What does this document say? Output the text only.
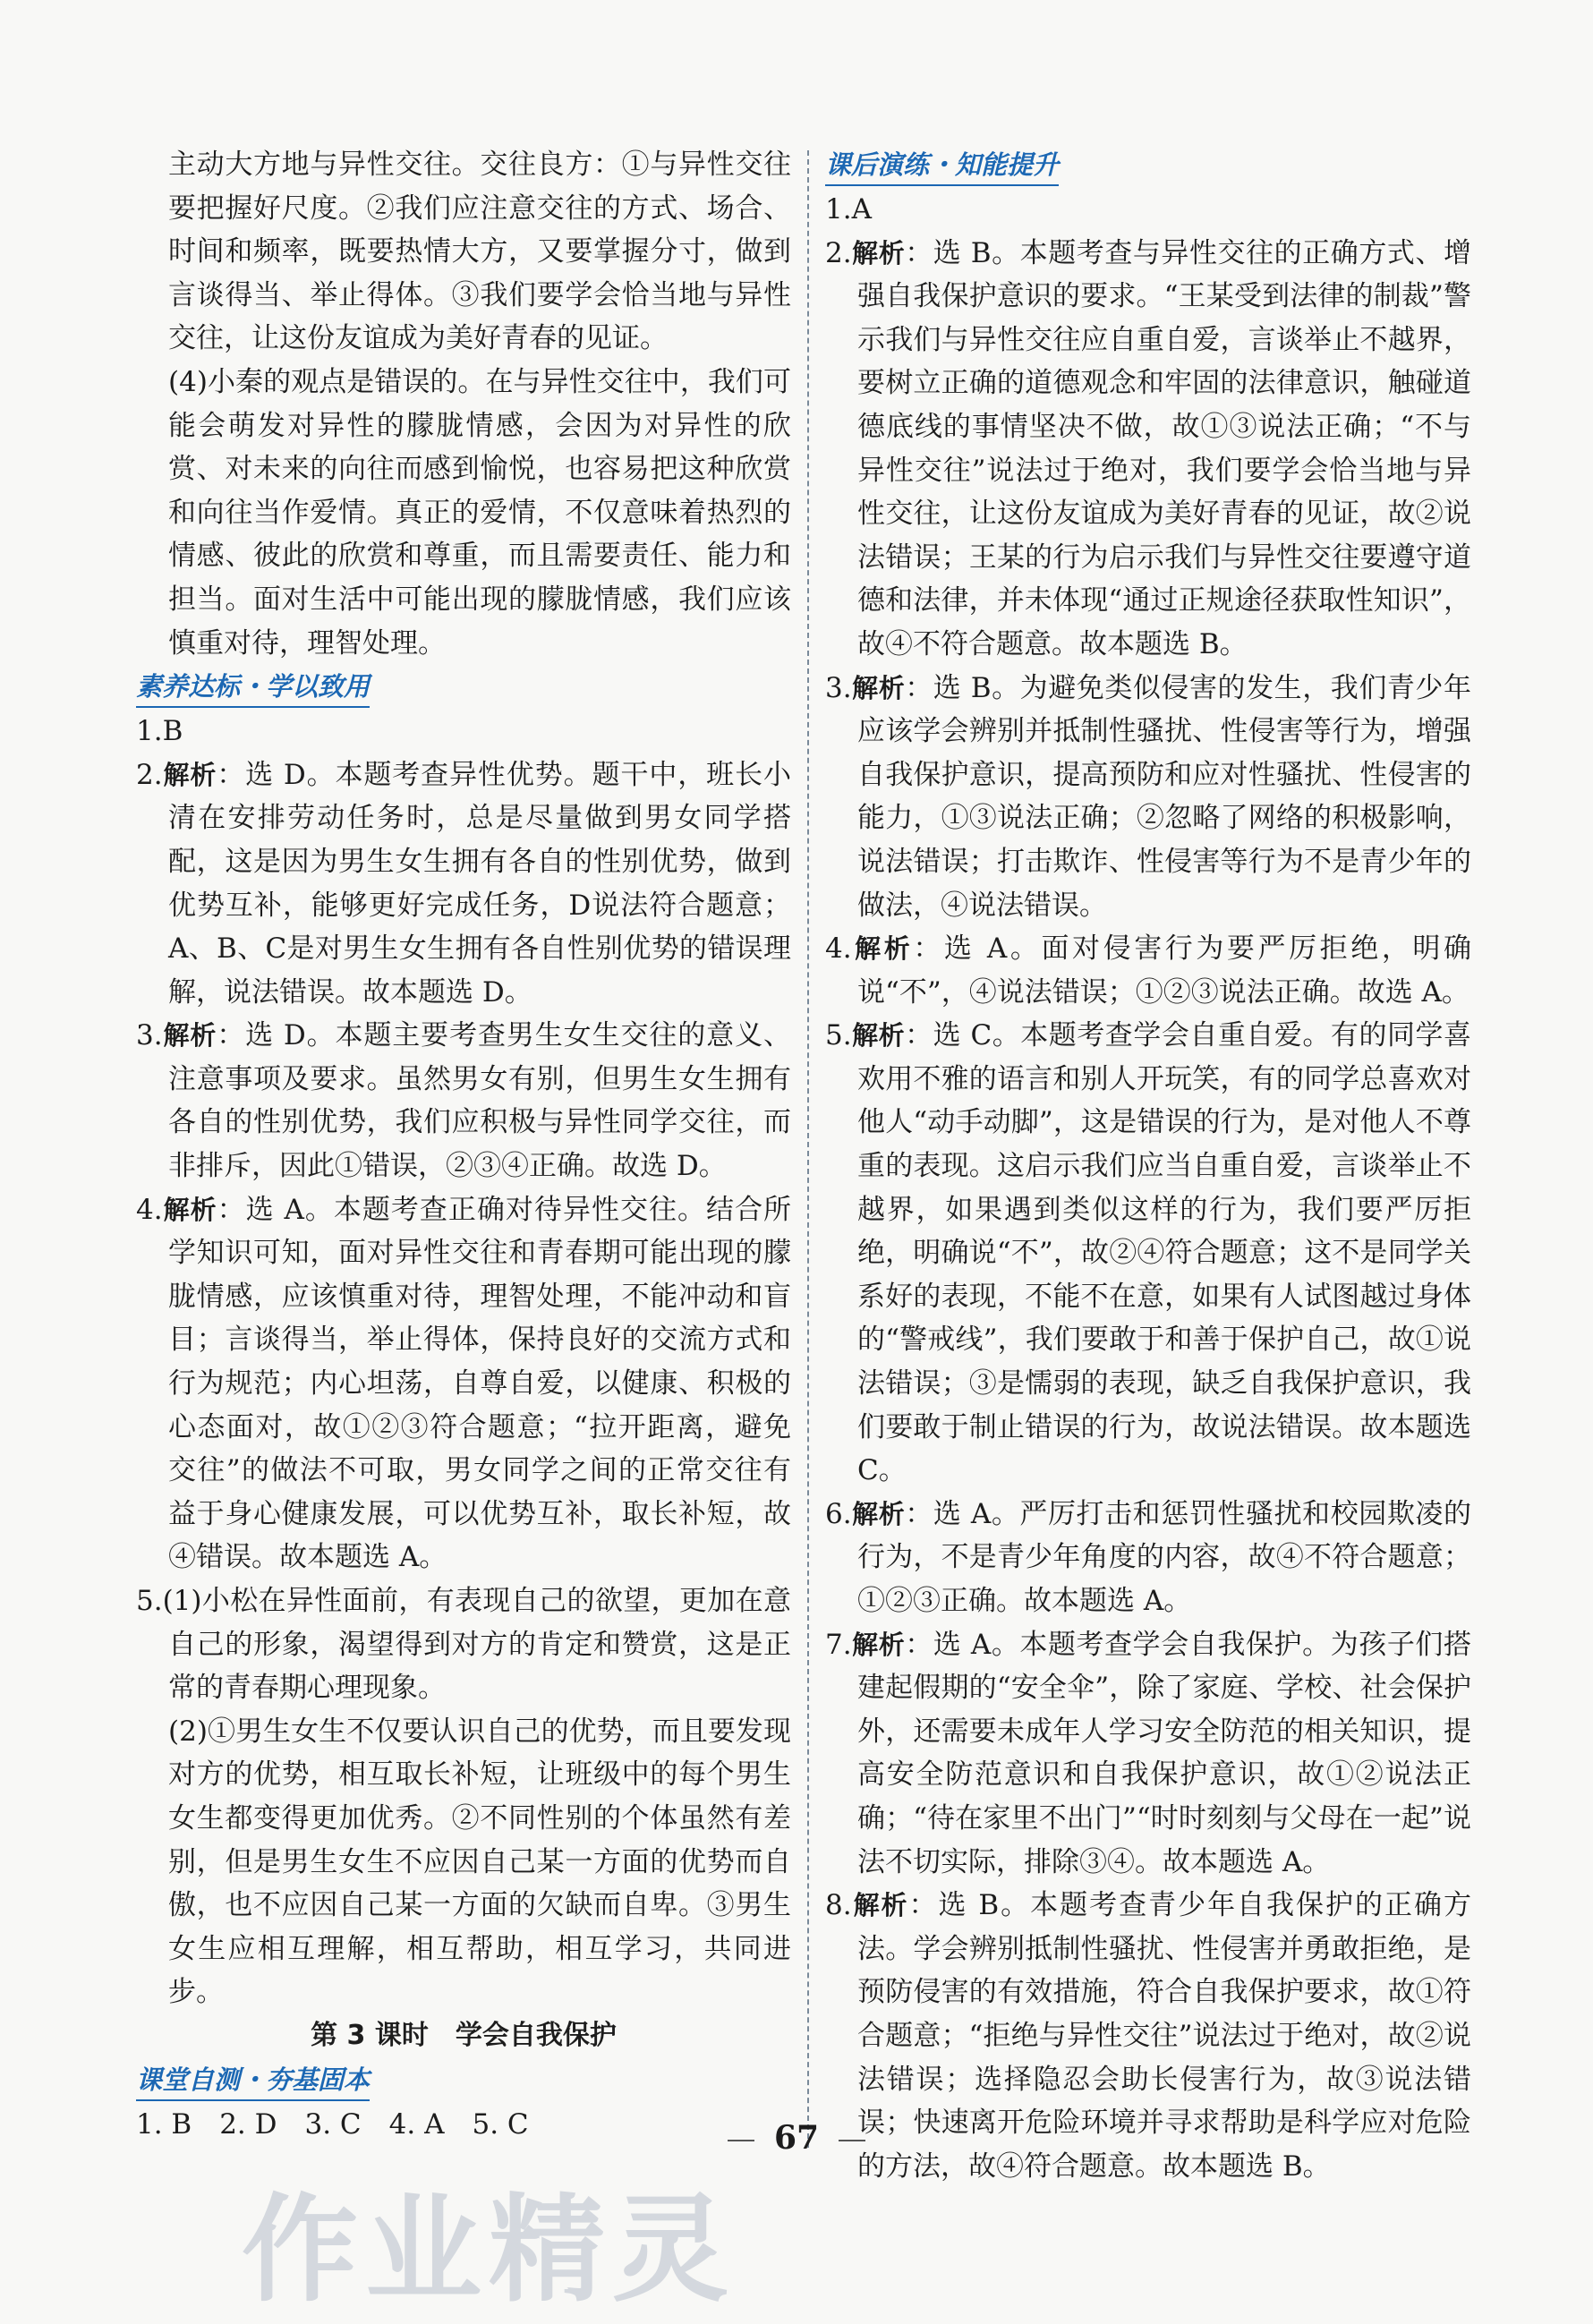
主动大方地与异性交往。交往良方：①与异性交往要把握好尺度。②我们应注意交往的方式、场合、时间和频率，既要热情大方，又要掌握分寸，做到言谈得当、举止得体。③我们要学会恰当地与异性交往，让这份友谊成为美好青春的见证。

(4)小秦的观点是错误的。在与异性交往中，我们可能会萌发对异性的朦胧情感，会因为对异性的欣赏、对未来的向往而感到愉悦，也容易把这种欣赏和向往当作爱情。真正的爱情，不仅意味着热烈的情感、彼此的欣赏和尊重，而且需要责任、能力和担当。面对生活中可能出现的朦胧情感，我们应该慎重对待，理智处理。

素养达标・学以致用

1.B

2.解析：选 D。本题考查异性优势。题干中，班长小清在安排劳动任务时，总是尽量做到男女同学搭配，这是因为男生女生拥有各自的性别优势，做到优势互补，能够更好完成任务，D说法符合题意；A、B、C是对男生女生拥有各自性别优势的错误理解，说法错误。故本题选 D。

3.解析：选 D。本题主要考查男生女生交往的意义、注意事项及要求。虽然男女有别，但男生女生拥有各自的性别优势，我们应积极与异性同学交往，而非排斥，因此①错误，②③④正确。故选 D。

4.解析：选 A。本题考查正确对待异性交往。结合所学知识可知，面对异性交往和青春期可能出现的朦胧情感，应该慎重对待，理智处理，不能冲动和盲目；言谈得当，举止得体，保持良好的交流方式和行为规范；内心坦荡，自尊自爱，以健康、积极的心态面对，故①②③符合题意；“拉开距离，避免交往”的做法不可取，男女同学之间的正常交往有益于身心健康发展，可以优势互补，取长补短，故④错误。故本题选 A。

5.(1)小松在异性面前，有表现自己的欲望，更加在意自己的形象，渴望得到对方的肯定和赞赏，这是正常的青春期心理现象。

(2)①男生女生不仅要认识自己的优势，而且要发现对方的优势，相互取长补短，让班级中的每个男生女生都变得更加优秀。②不同性别的个体虽然有差别，但是男生女生不应因自己某一方面的优势而自傲，也不应因自己某一方面的欠缺而自卑。③男生女生应相互理解，相互帮助，相互学习，共同进步。

第 3 课时　学会自我保护
课堂自测・夯基固本

1. B　2. D　3. C　4. A　5. C

课后演练・知能提升

1.A

2.解析：选 B。本题考查与异性交往的正确方式、增强自我保护意识的要求。“王某受到法律的制裁”警示我们与异性交往应自重自爱，言谈举止不越界，要树立正确的道德观念和牢固的法律意识，触碰道德底线的事情坚决不做，故①③说法正确；“不与异性交往”说法过于绝对，我们要学会恰当地与异性交往，让这份友谊成为美好青春的见证，故②说法错误；王某的行为启示我们与异性交往要遵守道德和法律，并未体现“通过正规途径获取性知识”，故④不符合题意。故本题选 B。

3.解析：选 B。为避免类似侵害的发生，我们青少年应该学会辨别并抵制性骚扰、性侵害等行为，增强自我保护意识，提高预防和应对性骚扰、性侵害的能力，①③说法正确；②忽略了网络的积极影响，说法错误；打击欺诈、性侵害等行为不是青少年的做法，④说法错误。

4.解析：选 A。面对侵害行为要严厉拒绝，明确说“不”，④说法错误；①②③说法正确。故选 A。

5.解析：选 C。本题考查学会自重自爱。有的同学喜欢用不雅的语言和别人开玩笑，有的同学总喜欢对他人“动手动脚”，这是错误的行为，是对他人不尊重的表现。这启示我们应当自重自爱，言谈举止不越界，如果遇到类似这样的行为，我们要严厉拒绝，明确说“不”，故②④符合题意；这不是同学关系好的表现，不能不在意，如果有人试图越过身体的“警戒线”，我们要敢于和善于保护自己，故①说法错误；③是懦弱的表现，缺乏自我保护意识，我们要敢于制止错误的行为，故说法错误。故本题选 C。

6.解析：选 A。严厉打击和惩罚性骚扰和校园欺凌的行为，不是青少年角度的内容，故④不符合题意；①②③正确。故本题选 A。

7.解析：选 A。本题考查学会自我保护。为孩子们搭建起假期的“安全伞”，除了家庭、学校、社会保护外，还需要未成年人学习安全防范的相关知识，提高安全防范意识和自我保护意识，故①②说法正确；“待在家里不出门”“时时刻刻与父母在一起”说法不切实际，排除③④。故本题选 A。

8.解析：选 B。本题考查青少年自我保护的正确方法。学会辨别抵制性骚扰、性侵害并勇敢拒绝，是预防侵害的有效措施，符合自我保护要求，故①符合题意；“拒绝与异性交往”说法过于绝对，故②说法错误；选择隐忍会助长侵害行为，故③说法错误；快速离开危险环境并寻求帮助是科学应对危险的方法，故④符合题意。故本题选 B。

67
作业精灵
